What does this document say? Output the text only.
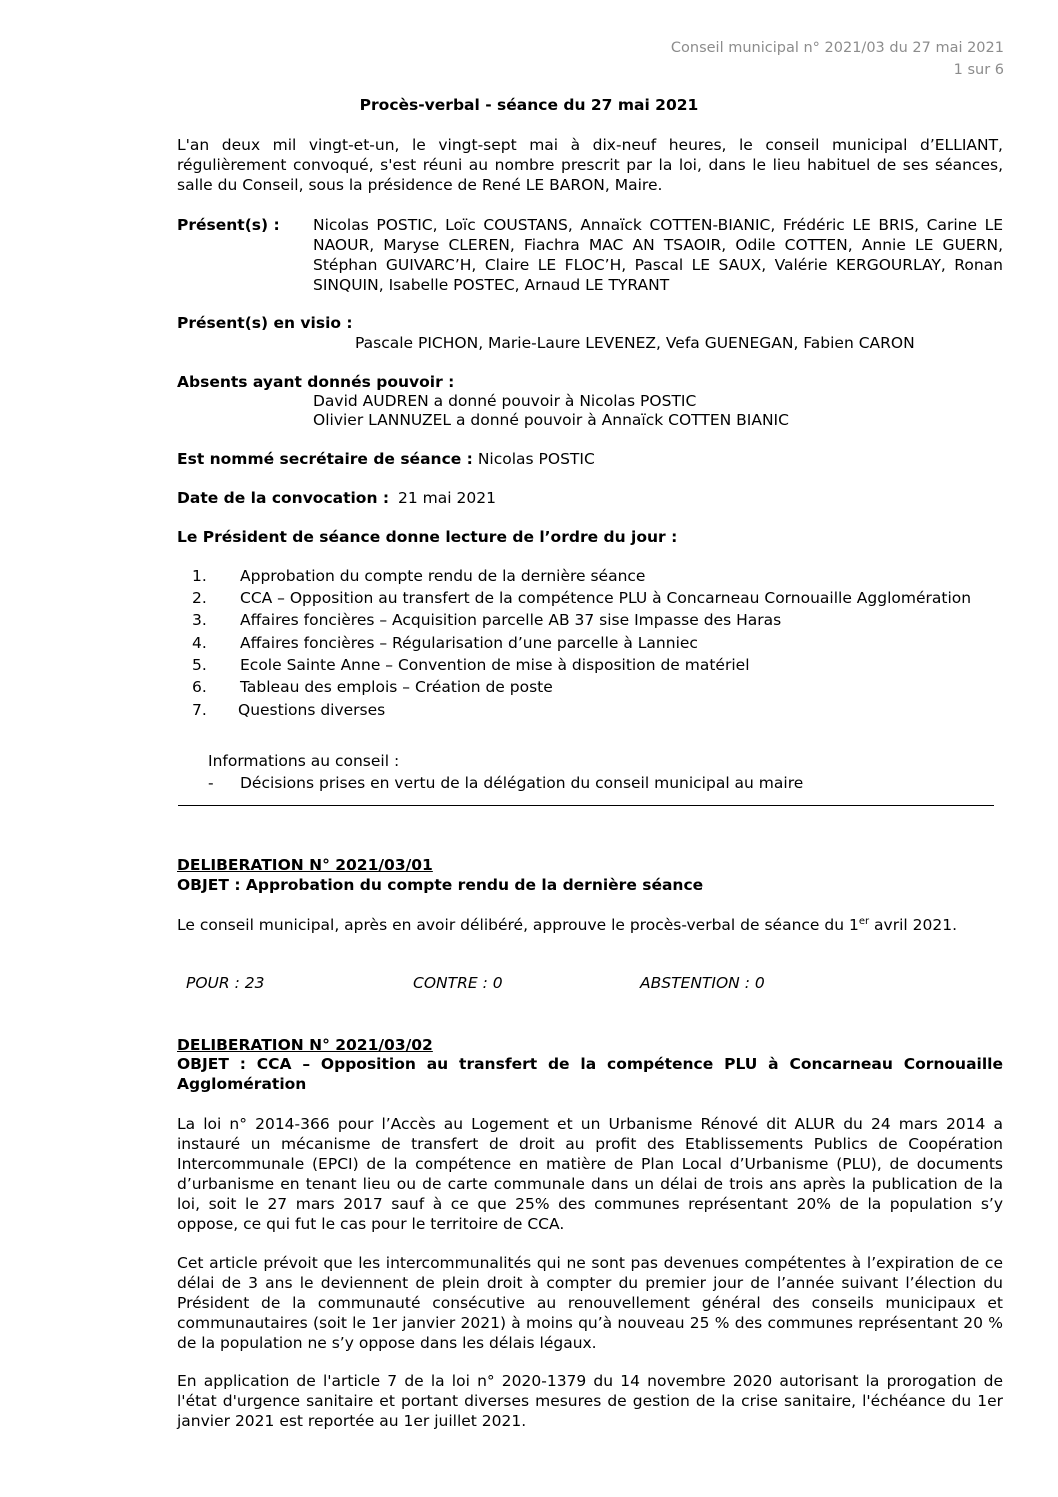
Conseil municipal n° 2021/03 du 27 mai 2021
1 sur 6
Procès-verbal - séance du 27 mai 2021

L'an deux mil vingt-et-un, le vingt-sept mai à dix-neuf heures, le conseil municipal d’ELLIANT, régulièrement convoqué, s'est réuni au nombre prescrit par la loi, dans le lieu habituel de ses séances, salle du Conseil, sous la présidence de René LE BARON, Maire.

Présent(s) : Nicolas POSTIC, Loïc COUSTANS, Annaïck COTTEN-BIANIC, Frédéric LE BRIS, Carine LE NAOUR, Maryse CLEREN, Fiachra MAC AN TSAOIR, Odile COTTEN, Annie LE GUERN, Stéphan GUIVARC’H, Claire LE FLOC’H, Pascal LE SAUX, Valérie KERGOURLAY, Ronan SINQUIN, Isabelle POSTEC, Arnaud LE TYRANT

Présent(s) en visio :
Pascale PICHON, Marie-Laure LEVENEZ, Vefa GUENEGAN, Fabien CARON
Absents ayant donnés pouvoir :
David AUDREN a donné pouvoir à Nicolas POSTIC
Olivier LANNUZEL a donné pouvoir à Annaïck COTTEN BIANIC
Est nommé secrétaire de séance : Nicolas POSTIC
Date de la convocation : 21 mai 2021
Le Président de séance donne lecture de l’ordre du jour :
1. Approbation du compte rendu de la dernière séance
2. CCA – Opposition au transfert de la compétence PLU à Concarneau Cornouaille Agglomération
3. Affaires foncières – Acquisition parcelle AB 37 sise Impasse des Haras
4. Affaires foncières – Régularisation d’une parcelle à Lanniec
5. Ecole Sainte Anne – Convention de mise à disposition de matériel
6. Tableau des emplois – Création de poste
7. Questions diverses
Informations au conseil :
- Décisions prises en vertu de la délégation du conseil municipal au maire
DELIBERATION N° 2021/03/01
OBJET : Approbation du compte rendu de la dernière séance
Le conseil municipal, après en avoir délibéré, approuve le procès-verbal de séance du 1er avril 2021.
POUR : 23	CONTRE : 0	ABSTENTION : 0
DELIBERATION N° 2021/03/02

OBJET : CCA – Opposition au transfert de la compétence PLU à Concarneau Cornouaille Agglomération

La loi n° 2014-366 pour l’Accès au Logement et un Urbanisme Rénové dit ALUR du 24 mars 2014 a instauré un mécanisme de transfert de droit au profit des Etablissements Publics de Coopération Intercommunale (EPCI) de la compétence en matière de Plan Local d’Urbanisme (PLU), de documents d’urbanisme en tenant lieu ou de carte communale dans un délai de trois ans après la publication de la loi, soit le 27 mars 2017 sauf à ce que 25% des communes représentant 20% de la population s’y oppose, ce qui fut le cas pour le territoire de CCA.

Cet article prévoit que les intercommunalités qui ne sont pas devenues compétentes à l’expiration de ce délai de 3 ans le deviennent de plein droit à compter du premier jour de l’année suivant l’élection du Président de la communauté consécutive au renouvellement général des conseils municipaux et communautaires (soit le 1er janvier 2021) à moins qu’à nouveau 25 % des communes représentant 20 % de la population ne s’y oppose dans les délais légaux.

En application de l'article 7 de la loi n° 2020-1379 du 14 novembre 2020 autorisant la prorogation de l'état d'urgence sanitaire et portant diverses mesures de gestion de la crise sanitaire, l'échéance du 1er janvier 2021 est reportée au 1er juillet 2021.
